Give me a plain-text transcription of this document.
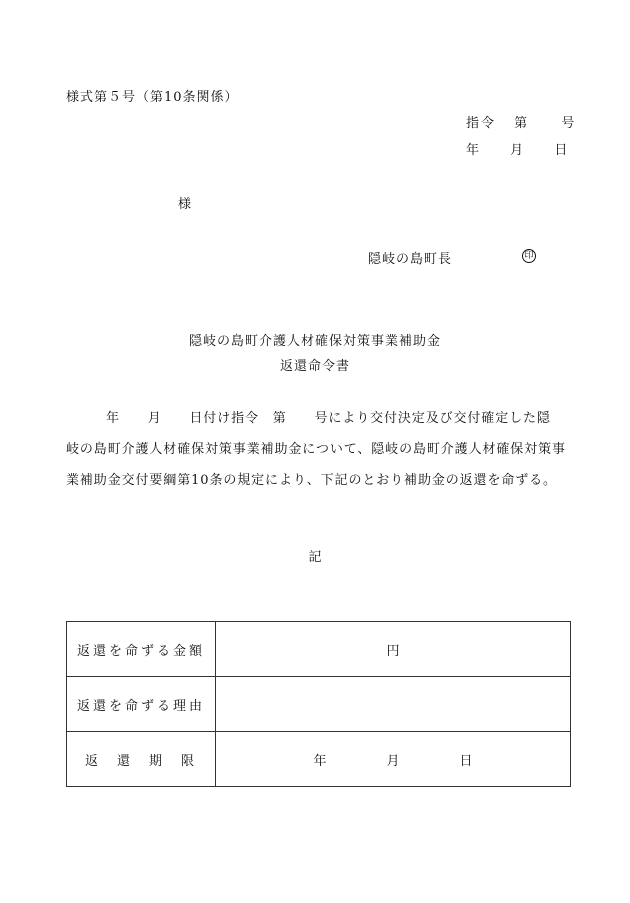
様式第５号（第10条関係）
指令 第	号
年 月 日
様
隠岐の島町長	印
隠岐の島町介護人材確保対策事業補助金
返還命令書
年　　月　　日付け指令　第　　号により交付決定及び交付確定した隠
岐の島町介護人材確保対策事業補助金について、隠岐の島町介護人材確保対策事
業補助金交付要綱第10条の規定により、下記のとおり補助金の返還を命ずる。
記
返還を命ずる金額	円
返還を命ずる理由	
返　還　期　限	年 月 日
